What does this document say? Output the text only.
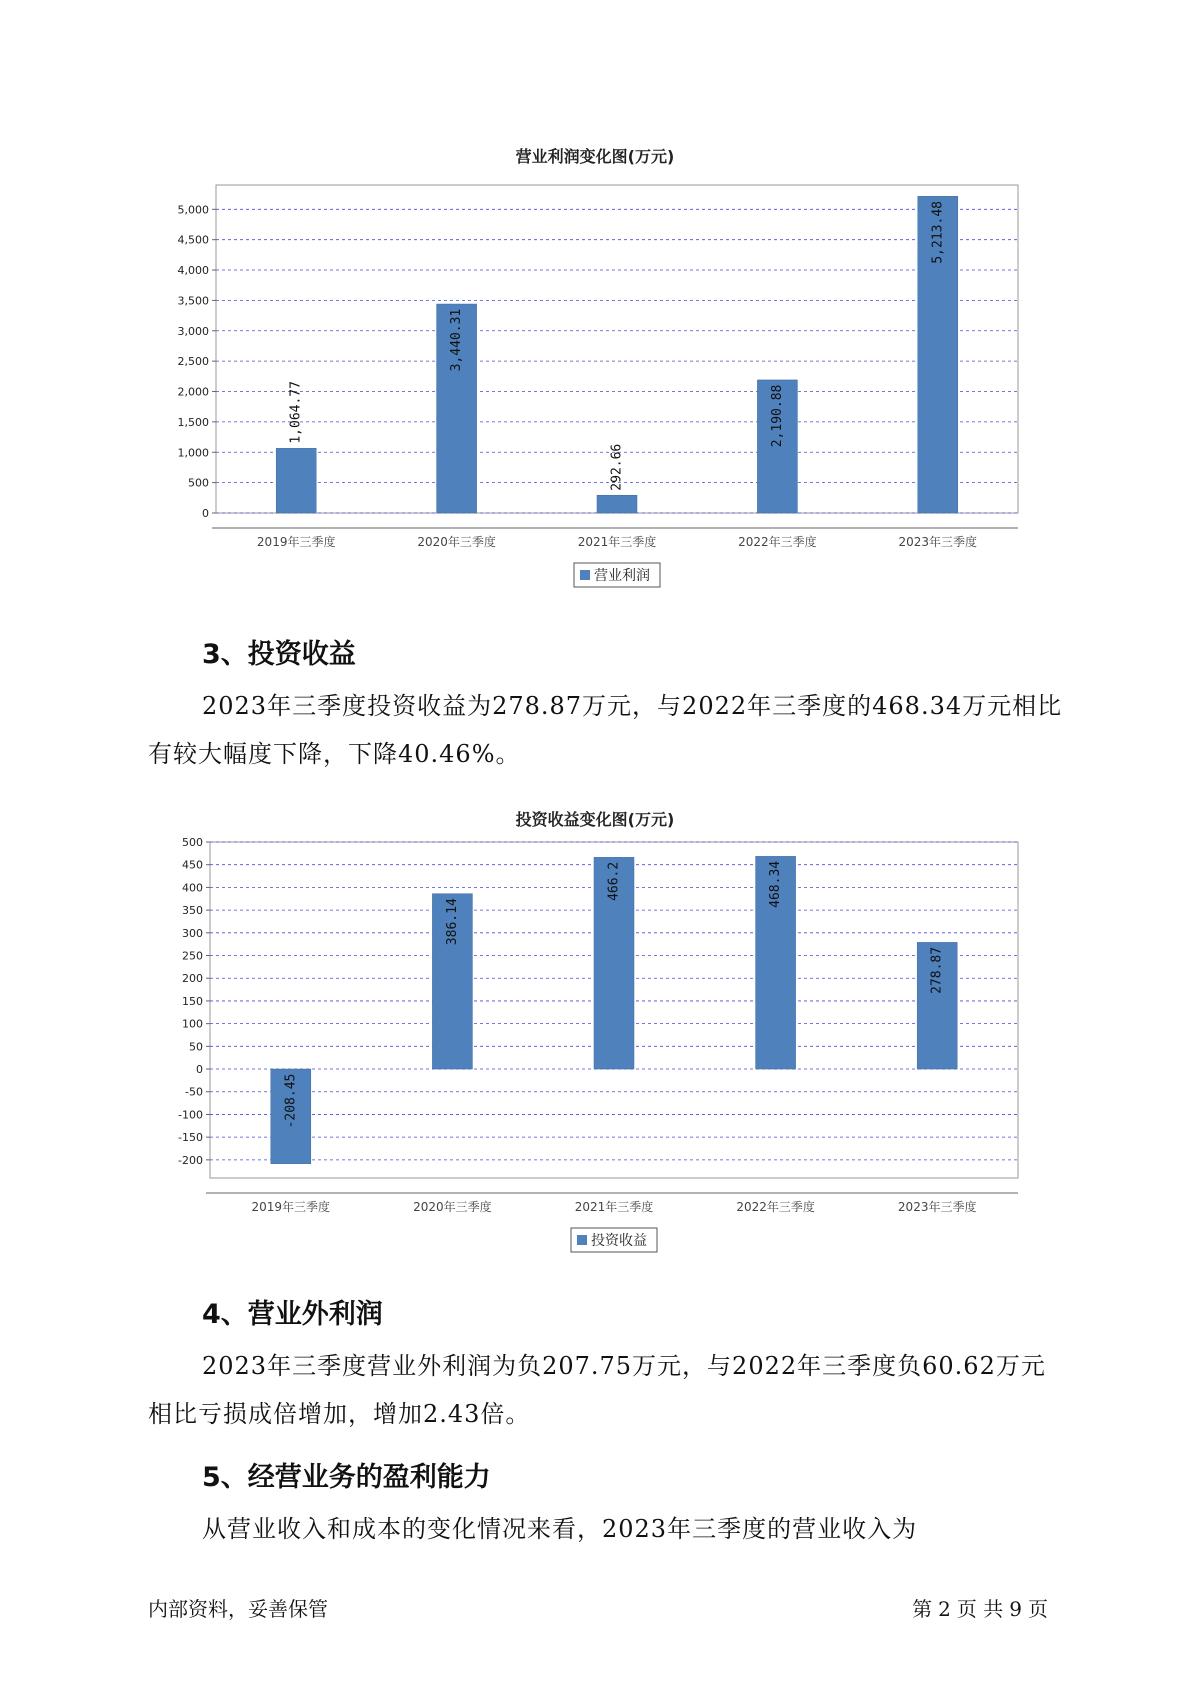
营业利润变化图(万元)
0
500
1,000
1,500
2,000
2,500
3,000
3,500
4,000
4,500
5,000
1,064.77
2019年三季度
3,440.31
2020年三季度
292.66
2021年三季度
2,190.88
2022年三季度
5,213.48
2023年三季度
营业利润
3、投资收益

2023年三季度投资收益为278.87万元，与2022年三季度的468.34万元相比有较大幅度下降，下降40.46%。

投资收益变化图(万元)
-200
-150
-100
-50
0
50
100
150
200
250
300
350
400
450
500
-208.45
2019年三季度
386.14
2020年三季度
466.2
2021年三季度
468.34
2022年三季度
278.87
2023年三季度
投资收益
4、营业外利润

2023年三季度营业外利润为负207.75万元，与2022年三季度负60.62万元相比亏损成倍增加，增加2.43倍。

5、经营业务的盈利能力

从营业收入和成本的变化情况来看，2023年三季度的营业收入为

内部资料，妥善保管	第 2 页 共 9 页
